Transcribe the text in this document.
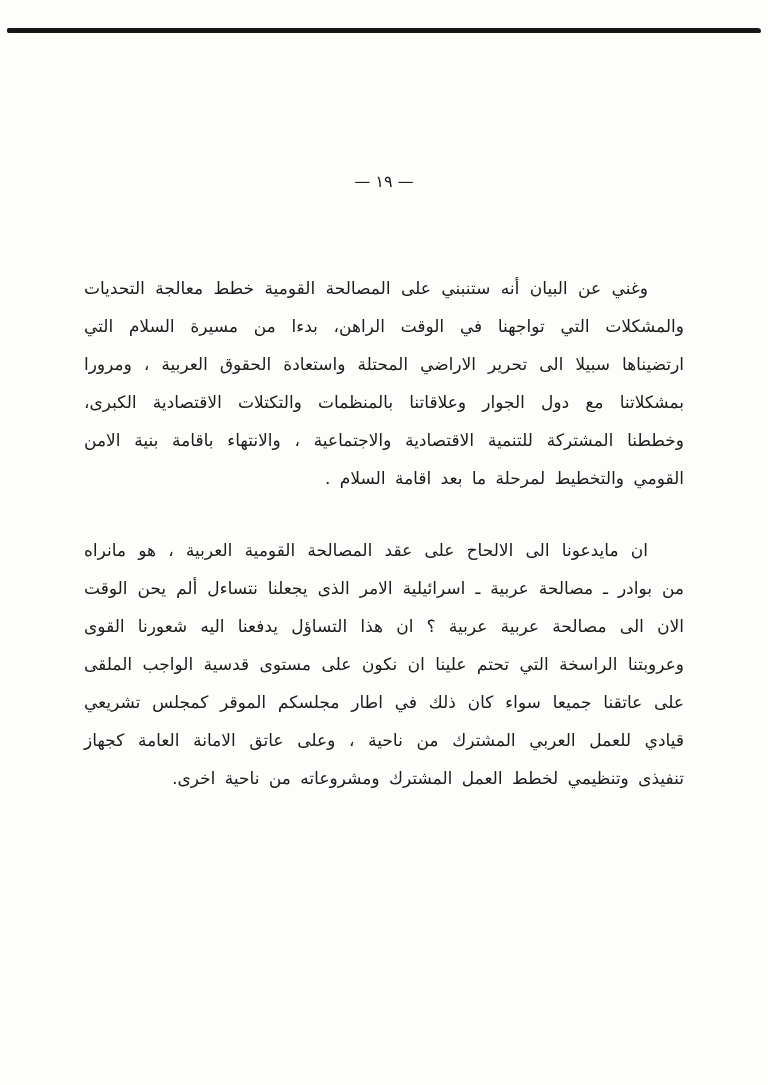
— ١٩ —

وغني عن البيان أنه ستنبني على المصالحة القومية خطط معالجة التحديات والمشكلات التي تواجهنا في الوقت الراهن، بدءا من مسيرة السلام التي ارتضيناها سبيلا الى تحرير الاراضي المحتلة واستعادة الحقوق العربية ، ومرورا بمشكلاتنا مع دول الجوار وعلاقاتنا بالمنظمات والتكتلات الاقتصادية الكبرى، وخططنا المشتركة للتنمية الاقتصادية والاجتماعية ، والانتهاء باقامة بنية الامن القومي والتخطيط لمرحلة ما بعد اقامة السلام .

ان مايدعونا الى الالحاح على عقد المصالحة القومية العربية ، هو مانراه من بوادر ـ مصالحة عربية ـ اسرائيلية الامر الذى يجعلنا نتساءل ألم يحن الوقت الان الى مصالحة عربية عربية ؟ ان هذا التساؤل يدفعنا اليه شعورنا القوى وعروبتنا الراسخة التي تحتم علينا ان نكون على مستوى قدسية الواجب الملقى على عاتقنا جميعا سواء كان ذلك في اطار مجلسكم الموقر كمجلس تشريعي قيادي للعمل العربي المشترك من ناحية ، وعلى عاتق الامانة العامة كجهاز تنفيذى وتنظيمي لخطط العمل المشترك ومشروعاته من ناحية اخرى.
